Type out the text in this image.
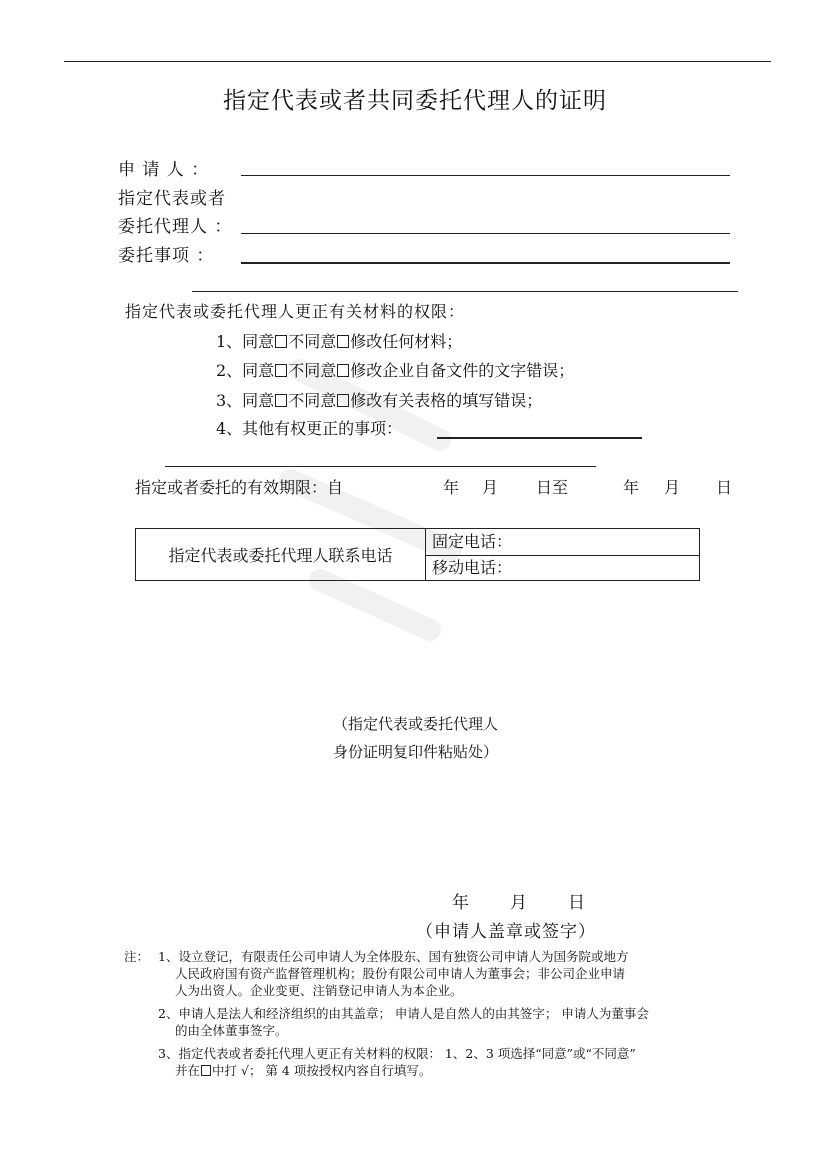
指定代表或者共同委托代理人的证明
申 请 人 ：
指定代表或者
委托代理人 ：
委托事项 ：
指定代表或委托代理人更正有关材料的权限：
1、同意 不同意 修改任何材料；
2、同意 不同意 修改企业自备文件的文字错误；
3、同意 不同意 修改有关表格的填写错误；
4、其他有权更正的事项：
指定或者委托的有效期限：自	年 月 日至	年 月 日
指定代表或委托代理人联系电话
固定电话：
移动电话：
（指定代表或委托代理人
身份证明复印件粘贴处）
年 月 日
（申请人盖章或签字）
注： 1、设立登记，有限责任公司申请人为全体股东、国有独资公司申请人为国务院或地方
人民政府国有资产监督管理机构；股份有限公司申请人为董事会；非公司企业申请
人为出资人。企业变更、注销登记申请人为本企业。
2、申请人是法人和经济组织的由其盖章； 申请人是自然人的由其签字； 申请人为董事会
的由全体董事签字。
3、指定代表或者委托代理人更正有关材料的权限： 1、2、3 项选择“同意”或“不同意”
并在 中打 √； 第 4 项按授权内容自行填写。
